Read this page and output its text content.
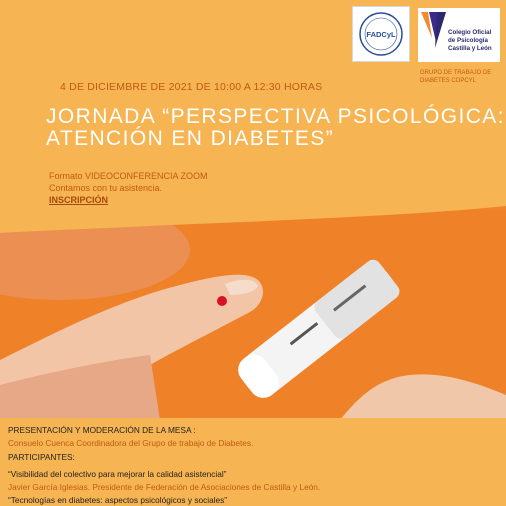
FADCyL	Colegio Oficial
de Psicología
Castilla y León
GRUPO DE TRABAJO DE DIABETES COPCYL
4 DE DICIEMBRE DE 2021 DE 10:00 A 12:30 HORAS
JORNADA “PERSPECTIVA PSICOLÓGICA:
ATENCIÓN EN DIABETES”
Formato VIDEOCONFERENCIA ZOOM
Contamos con tu asistencia.
INSCRIPCIÓN
PRESENTACIÓN Y MODERACIÓN DE LA MESA :
Consuelo Cuenca Coordinadora del Grupo de trabajo de Diabetes.
PARTICIPANTES:
“Visibilidad del colectivo para mejorar la calidad asistencial”
Javier García Iglesias. Presidente de Federación de Asociaciones de Castilla y León.
“Tecnologías en diabetes: aspectos psicológicos y sociales”
